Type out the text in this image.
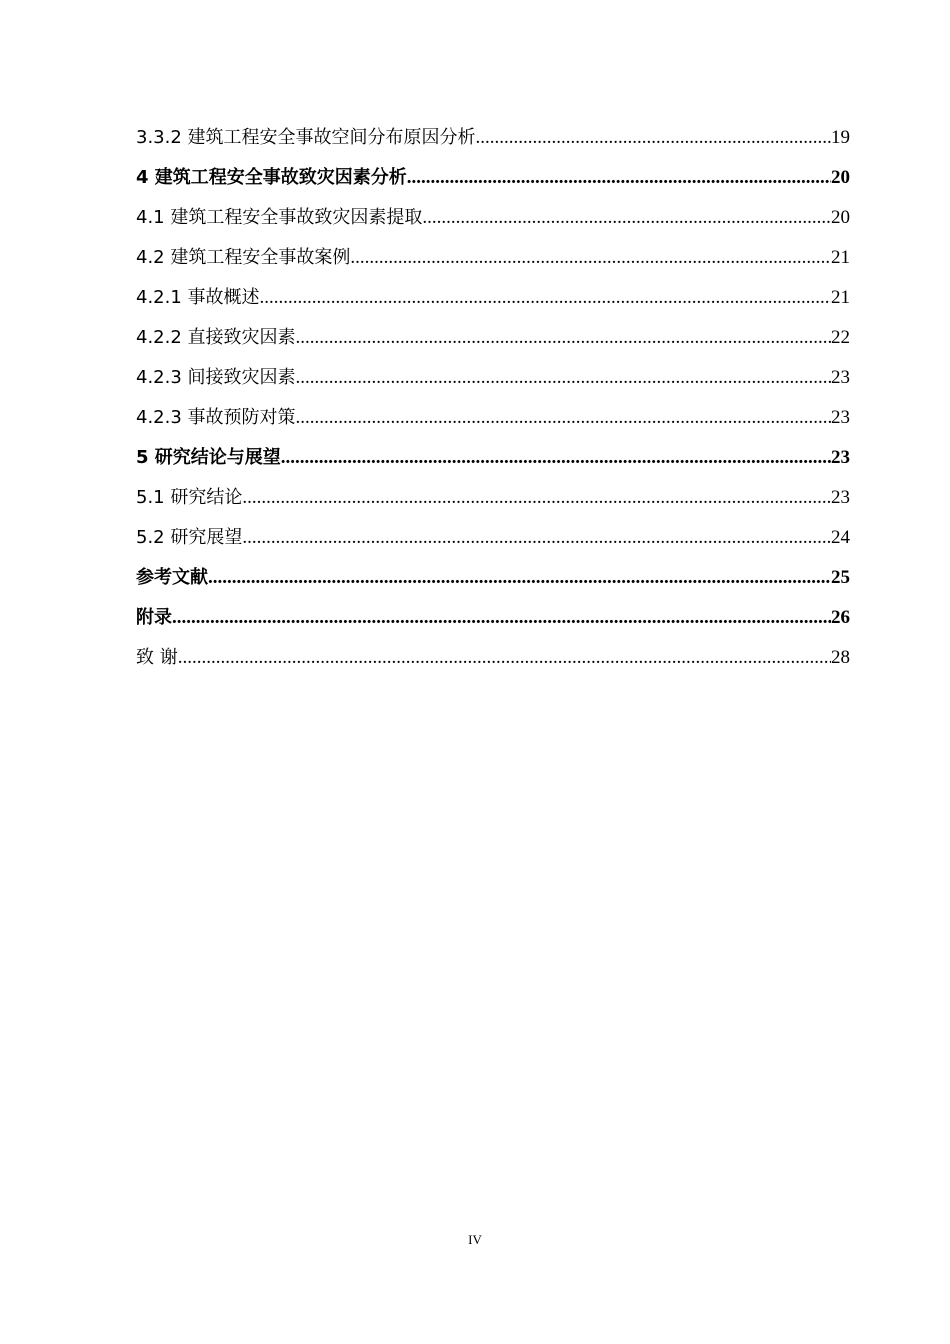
3.3.2 建筑工程安全事故空间分布原因分析 .....	19
4 建筑工程安全事故致灾因素分析 .....	20
4.1 建筑工程安全事故致灾因素提取 .....	20
4.2 建筑工程安全事故案例 .....	21
4.2.1 事故概述 .....	21
4.2.2 直接致灾因素 .....	22
4.2.3 间接致灾因素 .....	23
4.2.3 事故预防对策 .....	23
5 研究结论与展望 .....	23
5.1 研究结论 .....	23
5.2 研究展望 .....	24
参考文献 .....	25
附录 .....	26
致 谢 .....	28
IV
